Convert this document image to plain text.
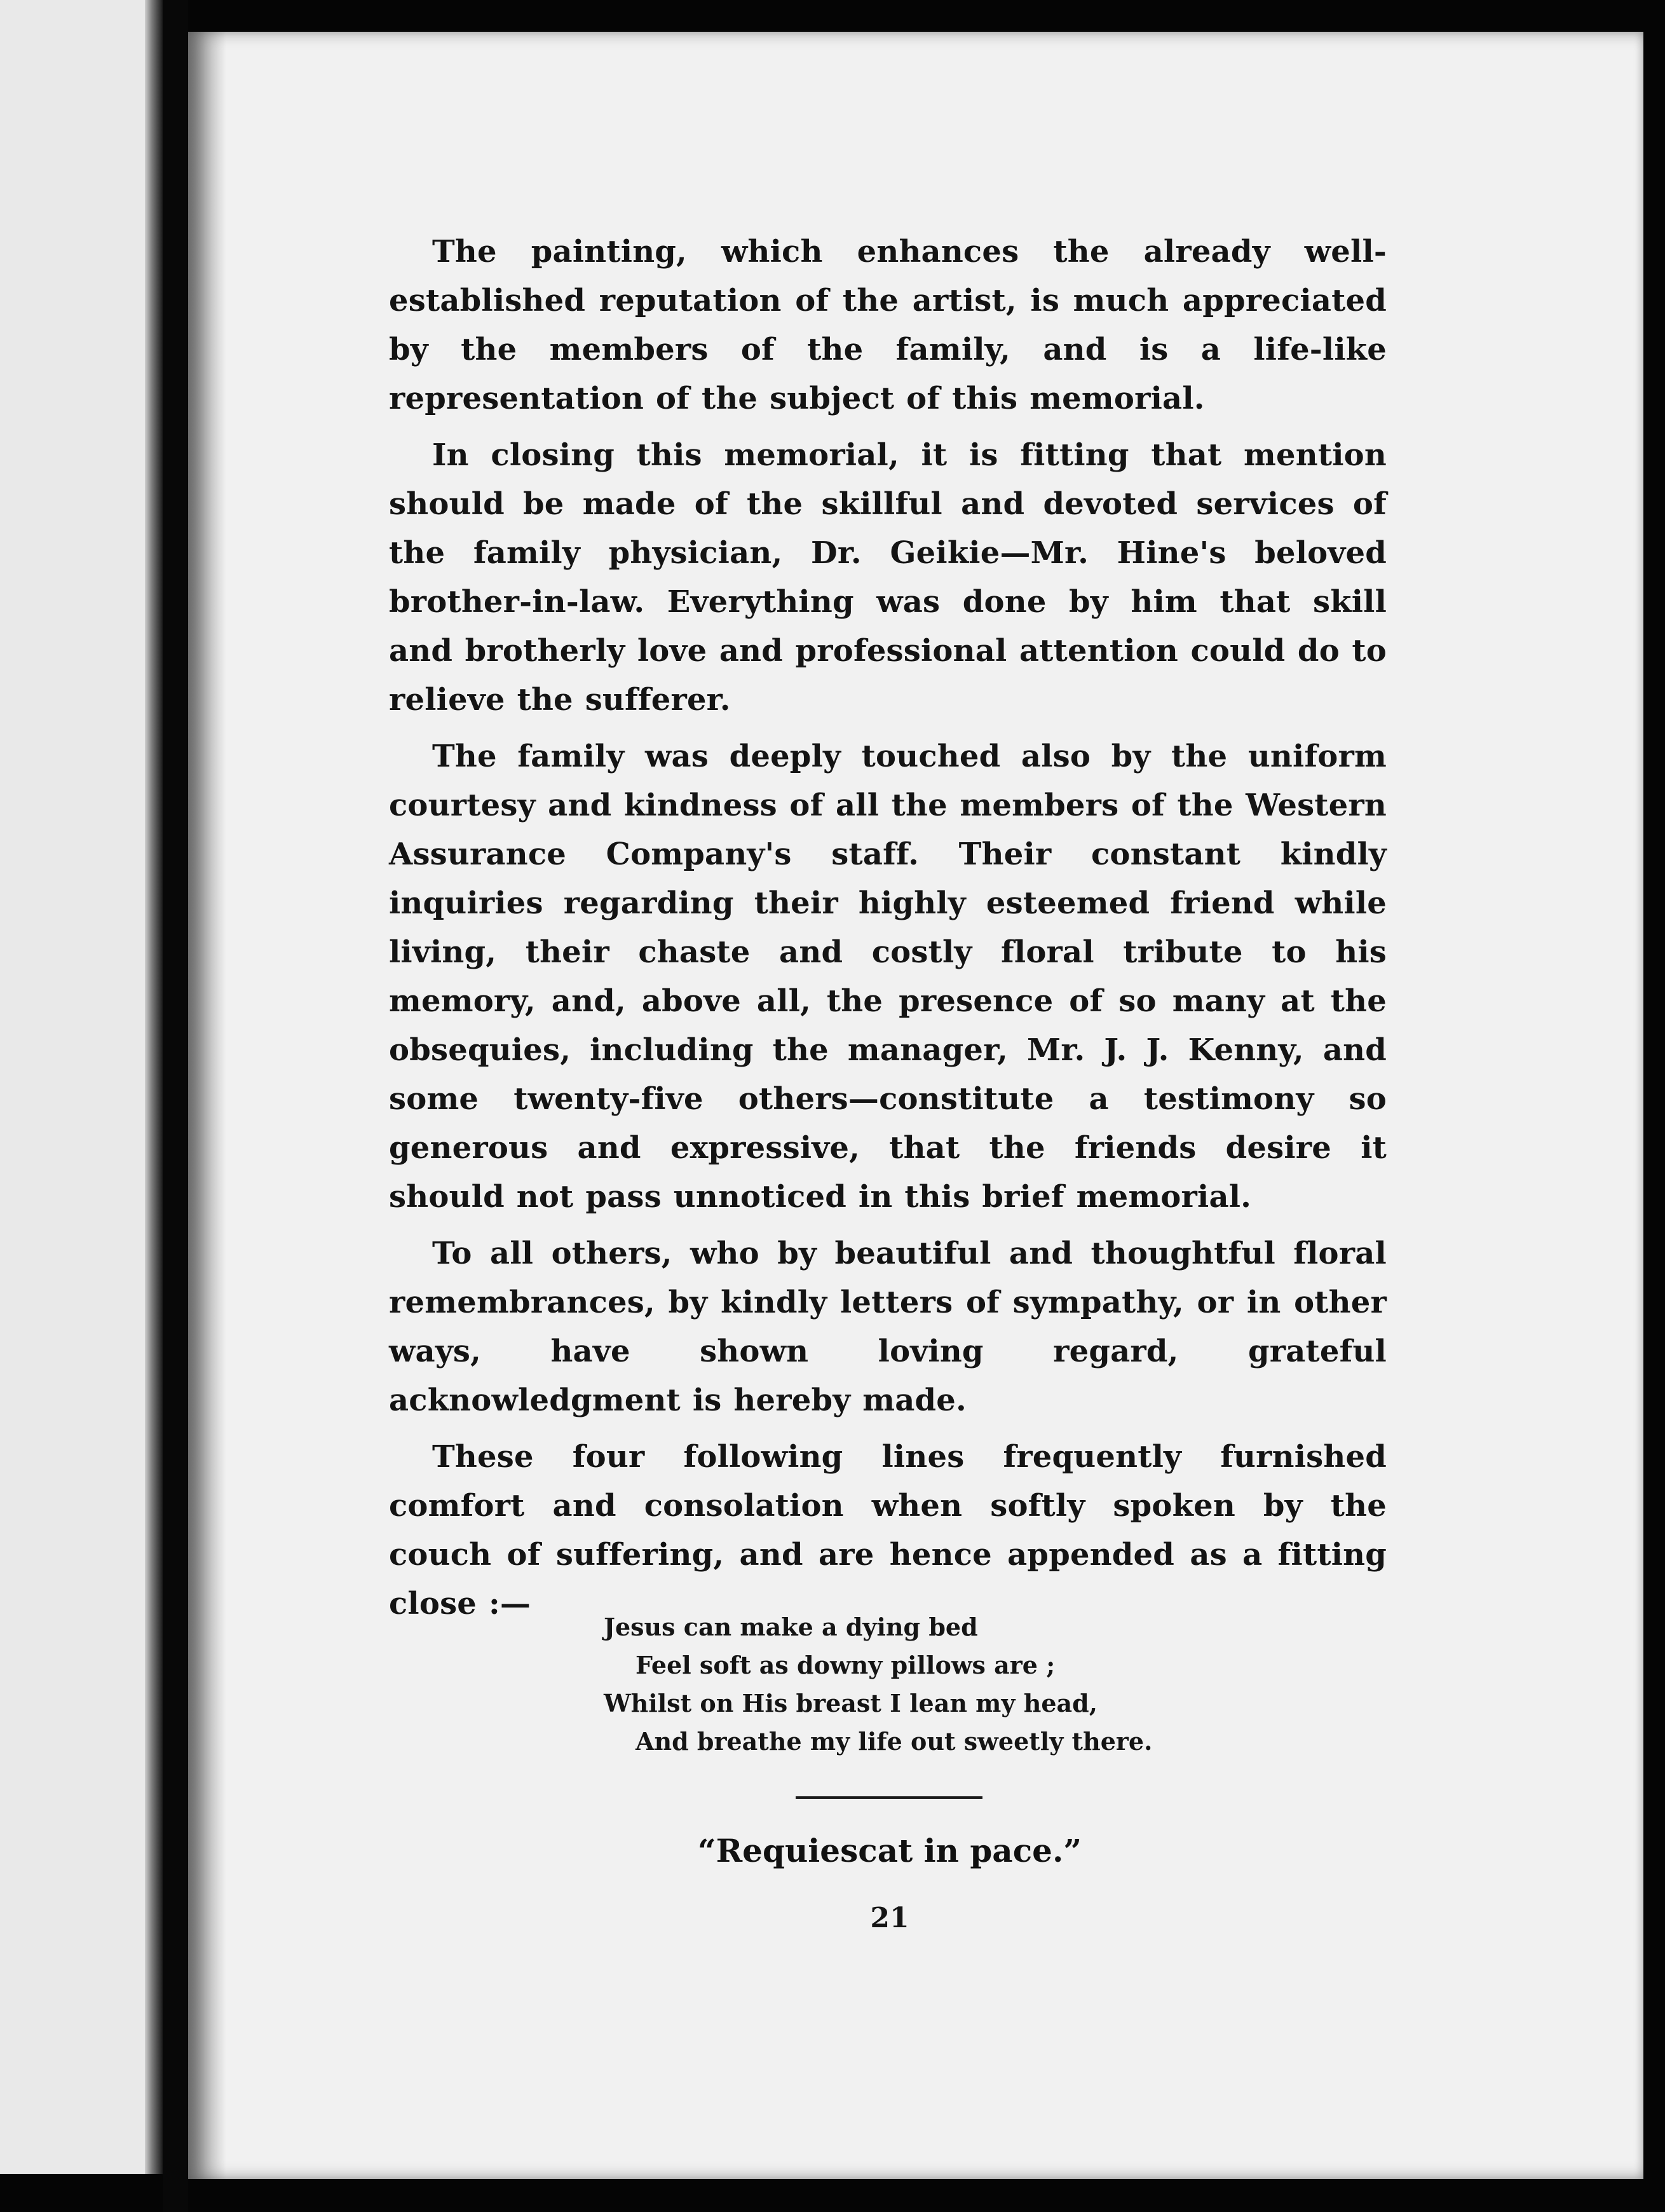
The painting, which enhances the already well-established reputation of the artist, is much appreciated by the members of the family, and is a life-like representation of the subject of this memorial.

In closing this memorial, it is fitting that mention should be made of the skillful and devoted services of the family physician, Dr. Geikie—Mr. Hine's beloved brother-in-law. Everything was done by him that skill and brotherly love and professional attention could do to relieve the sufferer.

The family was deeply touched also by the uniform courtesy and kindness of all the members of the Western Assurance Company's staff. Their constant kindly inquiries regarding their highly esteemed friend while living, their chaste and costly floral tribute to his memory, and, above all, the presence of so many at the obsequies, including the manager, Mr. J. J. Kenny, and some twenty-five others—constitute a testimony so generous and expressive, that the friends desire it should not pass unnoticed in this brief memorial.

To all others, who by beautiful and thoughtful floral remembrances, by kindly letters of sympathy, or in other ways, have shown loving regard, grateful acknowledgment is hereby made.

These four following lines frequently furnished comfort and consolation when softly spoken by the couch of suffering, and are hence appended as a fitting close :—

Jesus can make a dying bed
Feel soft as downy pillows are ;
Whilst on His breast I lean my head,
And breathe my life out sweetly there.
“Requiescat in pace.”
21
